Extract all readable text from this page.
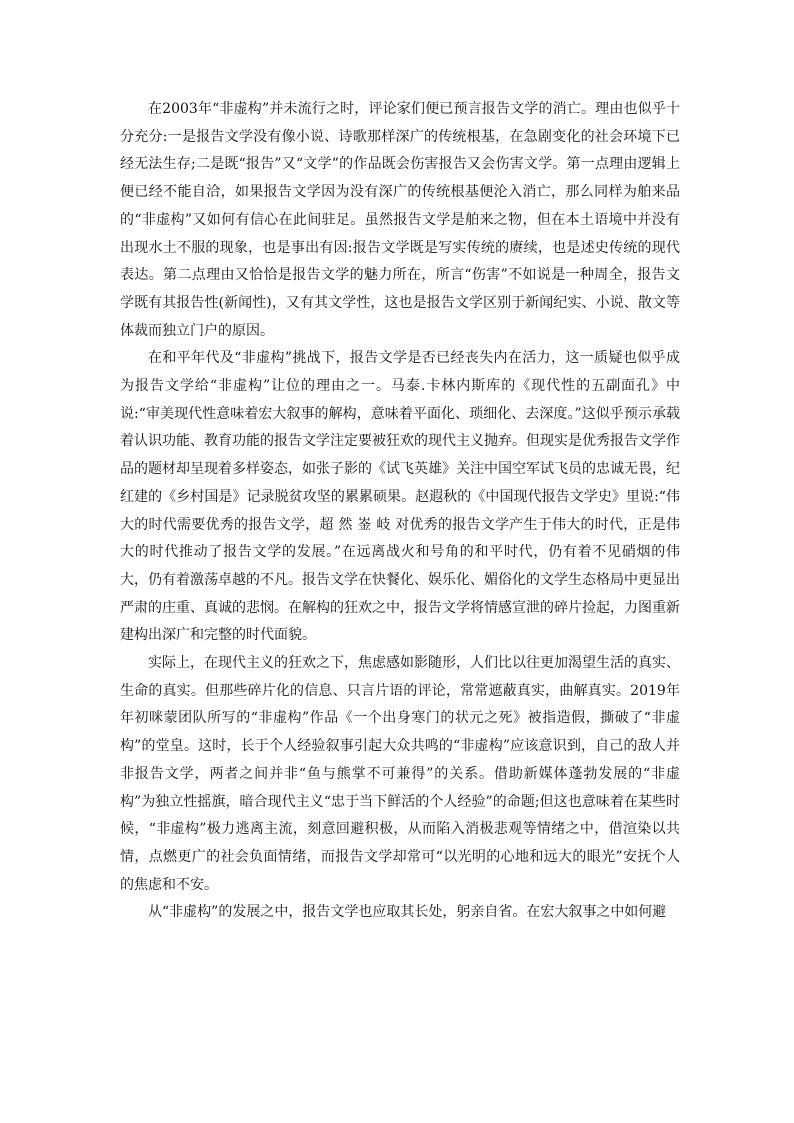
在2003年“非虚构”并未流行之时，评论家们便已预言报告文学的消亡。理由也似乎十分充分:一是报告文学没有像小说、诗歌那样深广的传统根基，在急剧变化的社会环境下已经无法生存;二是既“报告”又“文学”的作品既会伤害报告又会伤害文学。第一点理由逻辑上便已经不能自洽，如果报告文学因为没有深广的传统根基便沦入消亡，那么同样为舶来品的“非虚构”又如何有信心在此间驻足。虽然报告文学是舶来之物，但在本土语境中并没有出现水土不服的现象，也是事出有因:报告文学既是写实传统的赓续，也是述史传统的现代表达。第二点理由又恰恰是报告文学的魅力所在，所言“伤害”不如说是一种周全，报告文学既有其报告性(新闻性)，又有其文学性，这也是报告文学区别于新闻纪实、小说、散文等体裁而独立门户的原因。

在和平年代及“非虚构”挑战下，报告文学是否已经丧失内在活力，这一质疑也似乎成为报告文学给“非虚构”让位的理由之一。马泰.卡林内斯库的《现代性的五副面孔》中说:“审美现代性意味着宏大叙事的解构，意味着平面化、琐细化、去深度。”这似乎预示承载着认识功能、教育功能的报告文学注定要被狂欢的现代主义抛弃。但现实是优秀报告文学作品的题材却呈现着多样姿态，如张子影的《试飞英雄》关注中国空军试飞员的忠诚无畏，纪红建的《乡村国是》记录脱贫攻坚的累累硕果。赵遐秋的《中国现代报告文学史》里说:“伟大的时代需要优秀的报告文学，超 然 崟 岐 对优秀的报告文学产生于伟大的时代，正是伟大的时代推动了报告文学的发展。”在远离战火和号角的和平时代，仍有着不见硝烟的伟大，仍有着激荡卓越的不凡。报告文学在快餐化、娱乐化、媚俗化的文学生态格局中更显出严肃的庄重、真诚的悲悯。在解构的狂欢之中，报告文学将情感宣泄的碎片捡起，力图重新建构出深广和完整的时代面貌。

实际上，在现代主义的狂欢之下，焦虑感如影随形，人们比以往更加渴望生活的真实、生命的真实。但那些碎片化的信息、只言片语的评论，常常遮蔽真实，曲解真实。2019年年初咪蒙团队所写的“非虚构”作品《一个出身寒门的状元之死》被指造假，撕破了“非虚构”的堂皇。这时，长于个人经验叙事引起大众共鸣的“非虚构”应该意识到，自己的敌人并非报告文学，两者之间并非“鱼与熊掌不可兼得”的关系。借助新媒体蓬勃发展的“非虚构”为独立性摇旗，暗合现代主义“忠于当下鲜活的个人经验”的命题;但这也意味着在某些时候，“非虚构”极力逃离主流，刻意回避积极，从而陷入消极悲观等情绪之中，借渲染以共情，点燃更广的社会负面情绪，而报告文学却常可“以光明的心地和远大的眼光”安抚个人的焦虑和不安。

从“非虚构”的发展之中，报告文学也应取其长处，躬亲自省。在宏大叙事之中如何避
